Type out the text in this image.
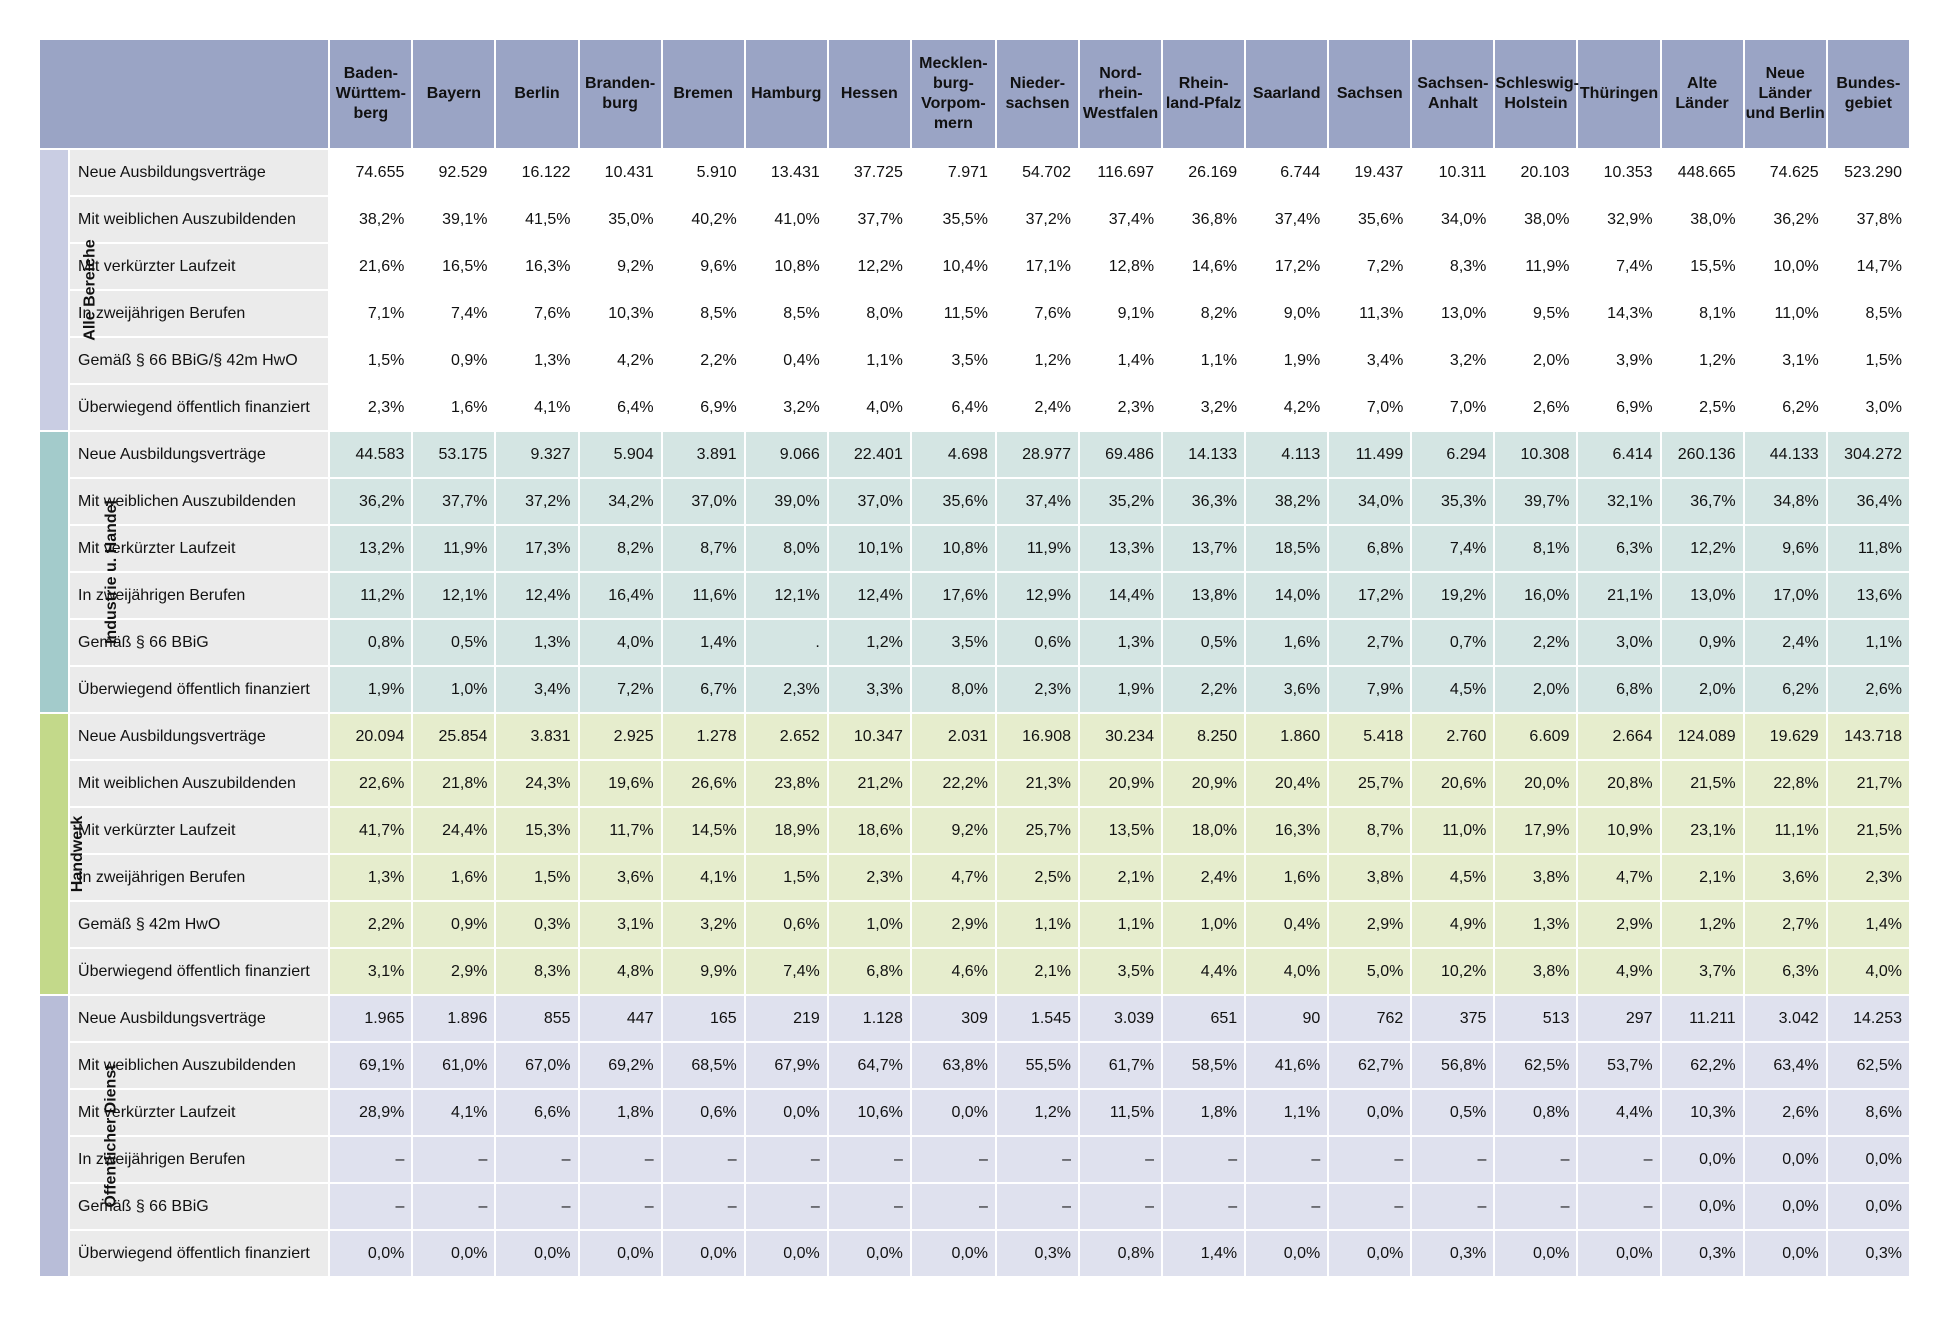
		Baden-
Württem-
berg	Bayern	Berlin	Branden-
burg	Bremen	Hamburg	Hessen	Mecklen-
burg-
Vorpom-
mern	Nieder-
sachsen	Nord-
rhein-
Westfalen	Rhein-
land-Pfalz	Saarland	Sachsen	Sachsen-
Anhalt	Schleswig-
Holstein	Thüringen	Alte
Länder	Neue
Länder
und Berlin	Bundes-
gebiet
Alle Bereiche	Neue Ausbildungsverträge	74.655	92.529	16.122	10.431	5.910	13.431	37.725	7.971	54.702	116.697	26.169	6.744	19.437	10.311	20.103	10.353	448.665	74.625	523.290
	Mit weiblichen Auszubildenden	38,2%	39,1%	41,5%	35,0%	40,2%	41,0%	37,7%	35,5%	37,2%	37,4%	36,8%	37,4%	35,6%	34,0%	38,0%	32,9%	38,0%	36,2%	37,8%
	Mit verkürzter Laufzeit	21,6%	16,5%	16,3%	9,2%	9,6%	10,8%	12,2%	10,4%	17,1%	12,8%	14,6%	17,2%	7,2%	8,3%	11,9%	7,4%	15,5%	10,0%	14,7%
	In zweijährigen Berufen	7,1%	7,4%	7,6%	10,3%	8,5%	8,5%	8,0%	11,5%	7,6%	9,1%	8,2%	9,0%	11,3%	13,0%	9,5%	14,3%	8,1%	11,0%	8,5%
	Gemäß § 66 BBiG/§ 42m HwO	1,5%	0,9%	1,3%	4,2%	2,2%	0,4%	1,1%	3,5%	1,2%	1,4%	1,1%	1,9%	3,4%	3,2%	2,0%	3,9%	1,2%	3,1%	1,5%
	Überwiegend öffentlich finanziert	2,3%	1,6%	4,1%	6,4%	6,9%	3,2%	4,0%	6,4%	2,4%	2,3%	3,2%	4,2%	7,0%	7,0%	2,6%	6,9%	2,5%	6,2%	3,0%
Industrie u. Handel	Neue Ausbildungsverträge	44.583	53.175	9.327	5.904	3.891	9.066	22.401	4.698	28.977	69.486	14.133	4.113	11.499	6.294	10.308	6.414	260.136	44.133	304.272
	Mit weiblichen Auszubildenden	36,2%	37,7%	37,2%	34,2%	37,0%	39,0%	37,0%	35,6%	37,4%	35,2%	36,3%	38,2%	34,0%	35,3%	39,7%	32,1%	36,7%	34,8%	36,4%
	Mit verkürzter Laufzeit	13,2%	11,9%	17,3%	8,2%	8,7%	8,0%	10,1%	10,8%	11,9%	13,3%	13,7%	18,5%	6,8%	7,4%	8,1%	6,3%	12,2%	9,6%	11,8%
	In zweijährigen Berufen	11,2%	12,1%	12,4%	16,4%	11,6%	12,1%	12,4%	17,6%	12,9%	14,4%	13,8%	14,0%	17,2%	19,2%	16,0%	21,1%	13,0%	17,0%	13,6%
	Gemäß § 66 BBiG	0,8%	0,5%	1,3%	4,0%	1,4%	.	1,2%	3,5%	0,6%	1,3%	0,5%	1,6%	2,7%	0,7%	2,2%	3,0%	0,9%	2,4%	1,1%
	Überwiegend öffentlich finanziert	1,9%	1,0%	3,4%	7,2%	6,7%	2,3%	3,3%	8,0%	2,3%	1,9%	2,2%	3,6%	7,9%	4,5%	2,0%	6,8%	2,0%	6,2%	2,6%
Handwerk	Neue Ausbildungsverträge	20.094	25.854	3.831	2.925	1.278	2.652	10.347	2.031	16.908	30.234	8.250	1.860	5.418	2.760	6.609	2.664	124.089	19.629	143.718
	Mit weiblichen Auszubildenden	22,6%	21,8%	24,3%	19,6%	26,6%	23,8%	21,2%	22,2%	21,3%	20,9%	20,9%	20,4%	25,7%	20,6%	20,0%	20,8%	21,5%	22,8%	21,7%
	Mit verkürzter Laufzeit	41,7%	24,4%	15,3%	11,7%	14,5%	18,9%	18,6%	9,2%	25,7%	13,5%	18,0%	16,3%	8,7%	11,0%	17,9%	10,9%	23,1%	11,1%	21,5%
	In zweijährigen Berufen	1,3%	1,6%	1,5%	3,6%	4,1%	1,5%	2,3%	4,7%	2,5%	2,1%	2,4%	1,6%	3,8%	4,5%	3,8%	4,7%	2,1%	3,6%	2,3%
	Gemäß § 42m HwO	2,2%	0,9%	0,3%	3,1%	3,2%	0,6%	1,0%	2,9%	1,1%	1,1%	1,0%	0,4%	2,9%	4,9%	1,3%	2,9%	1,2%	2,7%	1,4%
	Überwiegend öffentlich finanziert	3,1%	2,9%	8,3%	4,8%	9,9%	7,4%	6,8%	4,6%	2,1%	3,5%	4,4%	4,0%	5,0%	10,2%	3,8%	4,9%	3,7%	6,3%	4,0%
Öffentlicher Dienst	Neue Ausbildungsverträge	1.965	1.896	855	447	165	219	1.128	309	1.545	3.039	651	90	762	375	513	297	11.211	3.042	14.253
	Mit weiblichen Auszubildenden	69,1%	61,0%	67,0%	69,2%	68,5%	67,9%	64,7%	63,8%	55,5%	61,7%	58,5%	41,6%	62,7%	56,8%	62,5%	53,7%	62,2%	63,4%	62,5%
	Mit verkürzter Laufzeit	28,9%	4,1%	6,6%	1,8%	0,6%	0,0%	10,6%	0,0%	1,2%	11,5%	1,8%	1,1%	0,0%	0,5%	0,8%	4,4%	10,3%	2,6%	8,6%
	In zweijährigen Berufen	–	–	–	–	–	–	–	–	–	–	–	–	–	–	–	–	0,0%	0,0%	0,0%
	Gemäß § 66 BBiG	–	–	–	–	–	–	–	–	–	–	–	–	–	–	–	–	0,0%	0,0%	0,0%
	Überwiegend öffentlich finanziert	0,0%	0,0%	0,0%	0,0%	0,0%	0,0%	0,0%	0,0%	0,3%	0,8%	1,4%	0,0%	0,0%	0,3%	0,0%	0,0%	0,3%	0,0%	0,3%
